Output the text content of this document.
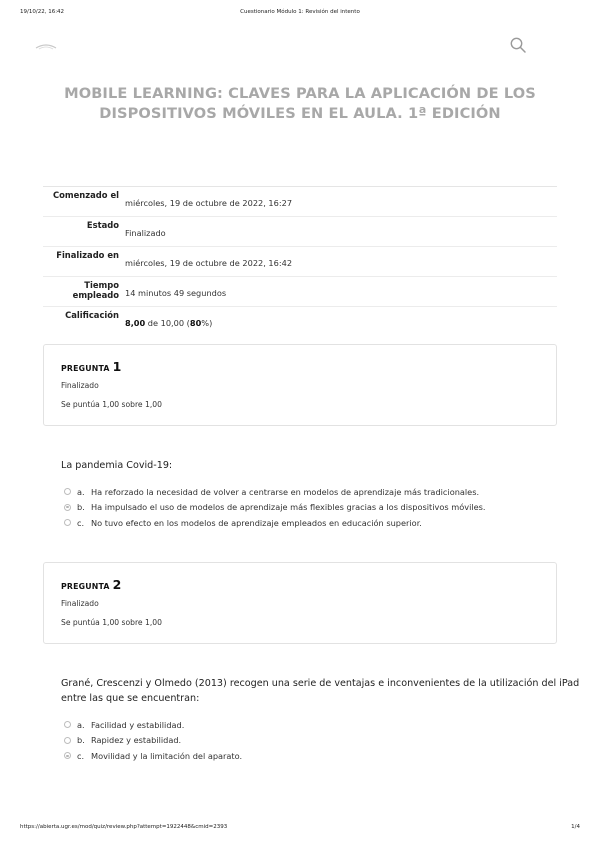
19/10/22, 16:42	Cuestionario Módulo 1: Revisión del intento
MOBILE LEARNING: CLAVES PARA LA APLICACIÓN DE LOS DISPOSITIVOS MÓVILES EN EL AULA. 1ª EDICIÓN
Comenzado el
miércoles, 19 de octubre de 2022, 16:27
Estado
Finalizado
Finalizado en
miércoles, 19 de octubre de 2022, 16:42
Tiempo empleado 14 minutos 49 segundos
Calificación
8,00 de 10,00 (80%)
PREGUNTA 1
Finalizado
Se puntúa 1,00 sobre 1,00
La pandemia Covid-19:
a. Ha reforzado la necesidad de volver a centrarse en modelos de aprendizaje más tradicionales.
b. Ha impulsado el uso de modelos de aprendizaje más flexibles gracias a los dispositivos móviles.
c. No tuvo efecto en los modelos de aprendizaje empleados en educación superior.
PREGUNTA 2
Finalizado
Se puntúa 1,00 sobre 1,00
Grané, Crescenzi y Olmedo (2013) recogen una serie de ventajas e inconvenientes de la utilización del iPad
entre las que se encuentran:
a. Facilidad y estabilidad.
b. Rapidez y estabilidad.
c. Movilidad y la limitación del aparato.
https://abierta.ugr.es/mod/quiz/review.php?attempt=1922448&cmid=2393	1/4
